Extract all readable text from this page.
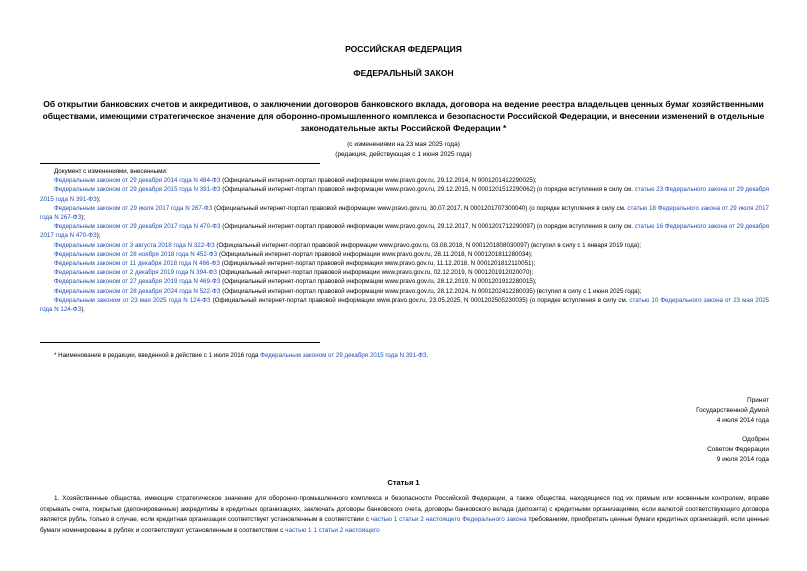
РОССИЙСКАЯ ФЕДЕРАЦИЯ
ФЕДЕРАЛЬНЫЙ ЗАКОН
Об открытии банковских счетов и аккредитивов, о заключении договоров банковского вклада, договора на ведение реестра владельцев ценных бумаг хозяйственными обществами, имеющими стратегическое значение для оборонно-промышленного комплекса и безопасности Российской Федерации, и внесении изменений в отдельные законодательные акты Российской Федерации *
(с изменениями на 23 мая 2025 года)
(редакция, действующая с 1 июня 2025 года)

Документ с изменениями, внесенными:

Федеральным законом от 29 декабря 2014 года N 484-ФЗ (Официальный интернет-портал правовой информации www.pravo.gov.ru, 29.12.2014, N 0001201412290025);

Федеральным законом от 29 декабря 2015 года N 391-ФЗ (Официальный интернет-портал правовой информации www.pravo.gov.ru, 29.12.2015, N 0001201512290062) (о порядке вступления в силу см. статью 23 Федерального закона от 29 декабря 2015 года N 391-ФЗ);

Федеральным законом от 29 июля 2017 года N 267-ФЗ (Официальный интернет-портал правовой информации www.pravo.gov.ru, 30.07.2017, N 0001201707300040) (о порядке вступления в силу см. статью 18 Федерального закона от 29 июля 2017 года N 267-ФЗ);

Федеральным законом от 29 декабря 2017 года N 470-ФЗ (Официальный интернет-портал правовой информации www.pravo.gov.ru, 29.12.2017, N 0001201712290097) (о порядке вступления в силу см. статью 16 Федерального закона от 29 декабря 2017 года N 470-ФЗ);

Федеральным законом от 3 августа 2018 года N 322-ФЗ (Официальный интернет-портал правовой информации www.pravo.gov.ru, 03.08.2018, N 0001201808030097) (вступил в силу с 1 января 2019 года);

Федеральным законом от 28 ноября 2018 года N 452-ФЗ (Официальный интернет-портал правовой информации www.pravo.gov.ru, 28.11.2018, N 0001201811280034);

Федеральным законом от 11 декабря 2018 года N 466-ФЗ (Официальный интернет-портал правовой информации www.pravo.gov.ru, 11.12.2018, N 0001201812110051);

Федеральным законом от 2 декабря 2019 года N 394-ФЗ (Официальный интернет-портал правовой информации www.pravo.gov.ru, 02.12.2019, N 0001201912020070);

Федеральным законом от 27 декабря 2019 года N 469-ФЗ (Официальный интернет-портал правовой информации www.pravo.gov.ru, 28.12.2019, N 0001201912280015);

Федеральным законом от 28 декабря 2024 года N 522-ФЗ (Официальный интернет-портал правовой информации www.pravo.gov.ru, 28.12.2024, N 0001202412280035) (вступил в силу с 1 июня 2025 года);

Федеральным законом от 23 мая 2025 года N 124-ФЗ (Официальный интернет-портал правовой информации www.pravo.gov.ru, 23.05.2025, N 0001202505230035) (о порядке вступления в силу см. статью 10 Федерального закона от 23 мая 2025 года N 124-ФЗ).

* Наименование в редакции, введенной в действие с 1 июля 2016 года Федеральным законом от 29 декабря 2015 года N 391-ФЗ.

Принят
Государственной Думой
4 июля 2014 года
Одобрен
Советом Федерации
9 июля 2014 года
Статья 1

1. Хозяйственные общества, имеющие стратегическое значение для оборонно-промышленного комплекса и безопасности Российской Федерации, а также общества, находящиеся под их прямым или косвенным контролем, вправе открывать счета, покрытые (депонированные) аккредитивы в кредитных организациях, заключать договоры банковского счета, договоры банковского вклада (депозита) с кредитными организациями, если валютой соответствующего договора является рубль, только в случае, если кредитная организация соответствует установленным в соответствии с частью 1 статьи 2 настоящего Федерального закона требованиям, приобретать ценные бумаги кредитных организаций, если ценные бумаги номинированы в рублях и соответствуют установленным в соответствии с частью 1 1 статьи 2 настоящего
